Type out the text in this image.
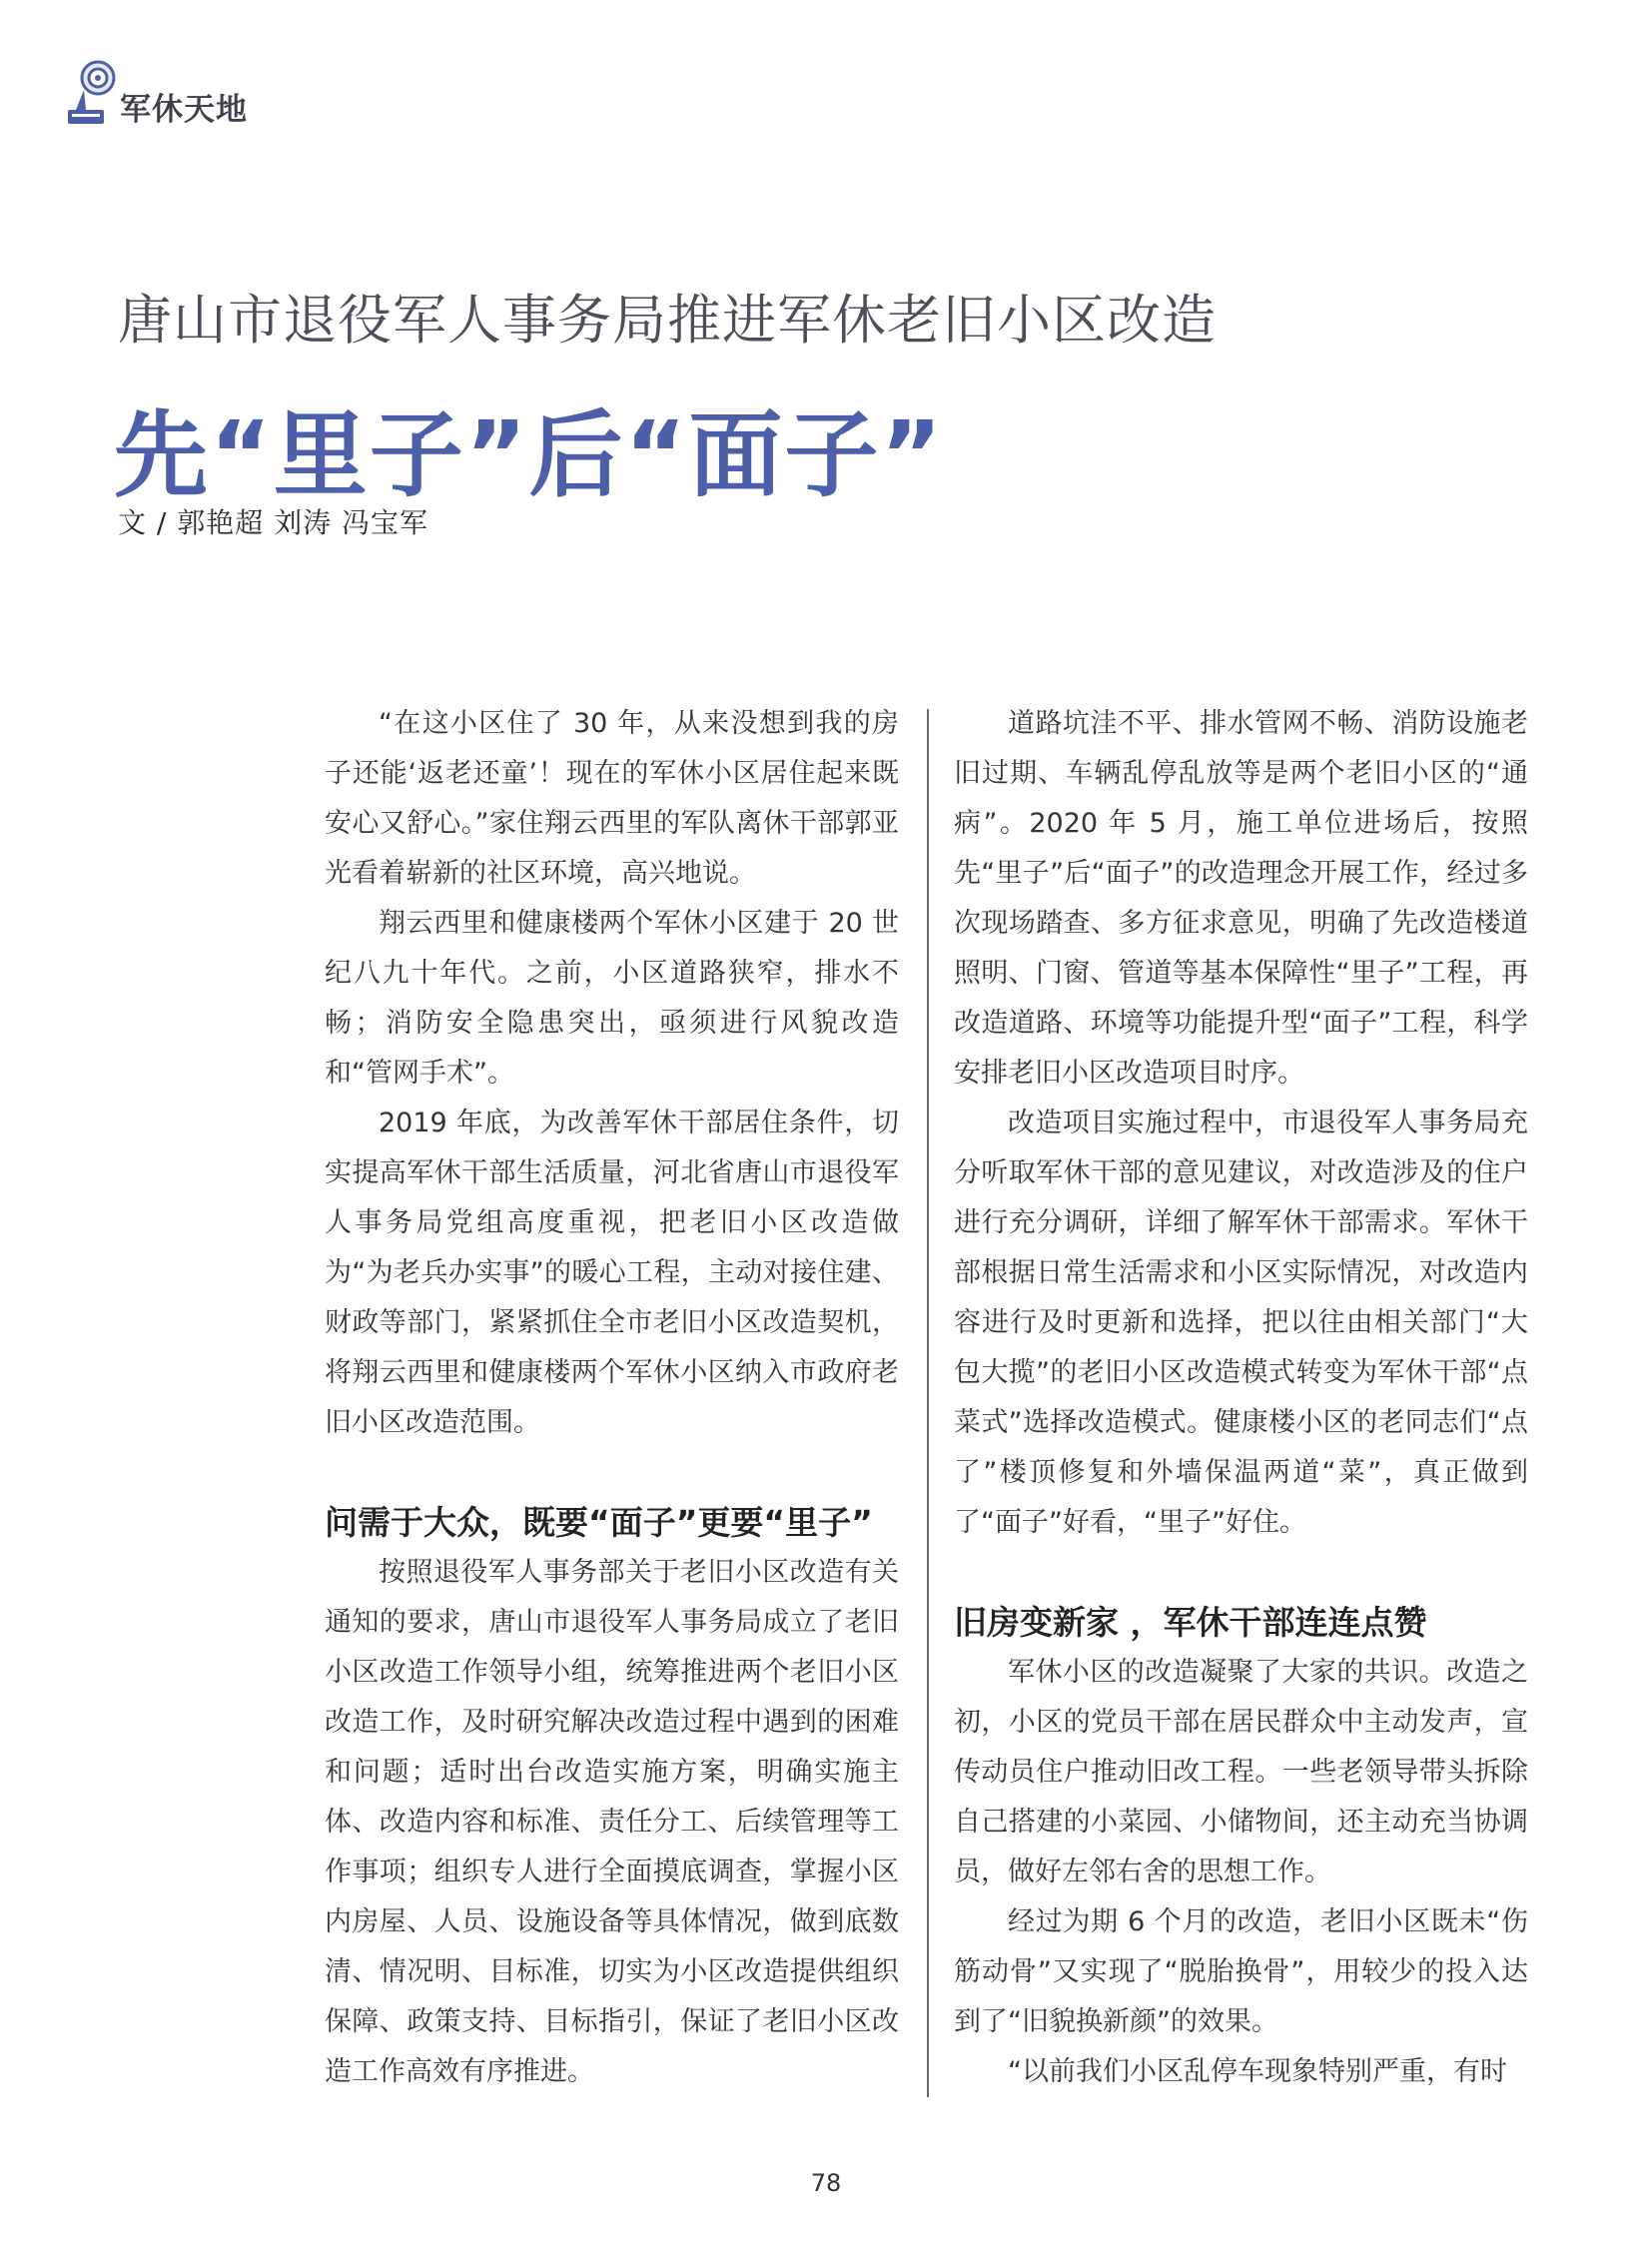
军休天地
唐山市退役军人事务局推进军休老旧小区改造
先“里子”后“面子”
文 / 郭艳超 刘涛 冯宝军

“在这小区住了 30 年，从来没想到我的房子还能‘返老还童’！现在的军休小区居住起来既安心又舒心。”家住翔云西里的军队离休干部郭亚光看着崭新的社区环境，高兴地说。

翔云西里和健康楼两个军休小区建于 20 世纪八九十年代。之前，小区道路狭窄，排水不畅；消防安全隐患突出，亟须进行风貌改造和“管网手术”。

2019 年底，为改善军休干部居住条件，切实提高军休干部生活质量，河北省唐山市退役军人事务局党组高度重视，把老旧小区改造做为“为老兵办实事”的暖心工程，主动对接住建、财政等部门，紧紧抓住全市老旧小区改造契机，将翔云西里和健康楼两个军休小区纳入市政府老旧小区改造范围。

问需于大众，既要“面子”更要“里子”

按照退役军人事务部关于老旧小区改造有关通知的要求，唐山市退役军人事务局成立了老旧小区改造工作领导小组，统筹推进两个老旧小区改造工作，及时研究解决改造过程中遇到的困难和问题；适时出台改造实施方案，明确实施主体、改造内容和标准、责任分工、后续管理等工作事项；组织专人进行全面摸底调查，掌握小区内房屋、人员、设施设备等具体情况，做到底数清、情况明、目标准，切实为小区改造提供组织保障、政策支持、目标指引，保证了老旧小区改造工作高效有序推进。

道路坑洼不平、排水管网不畅、消防设施老旧过期、车辆乱停乱放等是两个老旧小区的“通病”。2020 年 5 月，施工单位进场后，按照先“里子”后“面子”的改造理念开展工作，经过多次现场踏查、多方征求意见，明确了先改造楼道照明、门窗、管道等基本保障性“里子”工程，再改造道路、环境等功能提升型“面子”工程，科学安排老旧小区改造项目时序。

改造项目实施过程中，市退役军人事务局充分听取军休干部的意见建议，对改造涉及的住户进行充分调研，详细了解军休干部需求。军休干部根据日常生活需求和小区实际情况，对改造内容进行及时更新和选择，把以往由相关部门“大包大揽”的老旧小区改造模式转变为军休干部“点菜式”选择改造模式。健康楼小区的老同志们“点了”楼顶修复和外墙保温两道“菜”，真正做到了“面子”好看，“里子”好住。

旧房变新家 ，军休干部连连点赞

军休小区的改造凝聚了大家的共识。改造之初，小区的党员干部在居民群众中主动发声，宣传动员住户推动旧改工程。一些老领导带头拆除自己搭建的小菜园、小储物间，还主动充当协调员，做好左邻右舍的思想工作。

经过为期 6 个月的改造，老旧小区既未“伤筋动骨”又实现了“脱胎换骨”，用较少的投入达到了“旧貌换新颜”的效果。

“以前我们小区乱停车现象特别严重，有时

78
